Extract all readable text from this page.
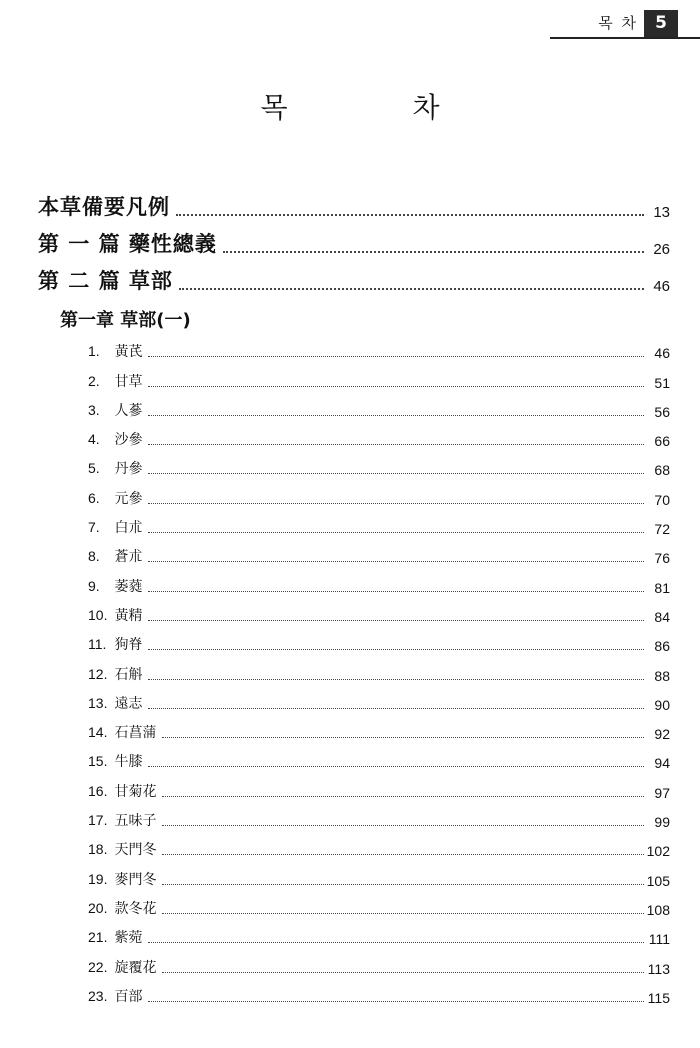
목 차	5
목 차
本草備要凡例	13
第 一 篇 藥性總義	26
第 二 篇 草部	46
第一章 草部(一)
1. 黃芪	46
2. 甘草	51
3. 人蔘	56
4. 沙參	66
5. 丹參	68
6. 元參	70
7. 白朮	72
8. 蒼朮	76
9. 萎蕤	81
10. 黃精	84
11. 狗脊	86
12. 石斛	88
13. 遠志	90
14. 石菖蒲	92
15. 牛膝	94
16. 甘菊花	97
17. 五味子	99
18. 天門冬	102
19. 麥門冬	105
20. 款冬花	108
21. 紫菀	111
22. 旋覆花	113
23. 百部	115
